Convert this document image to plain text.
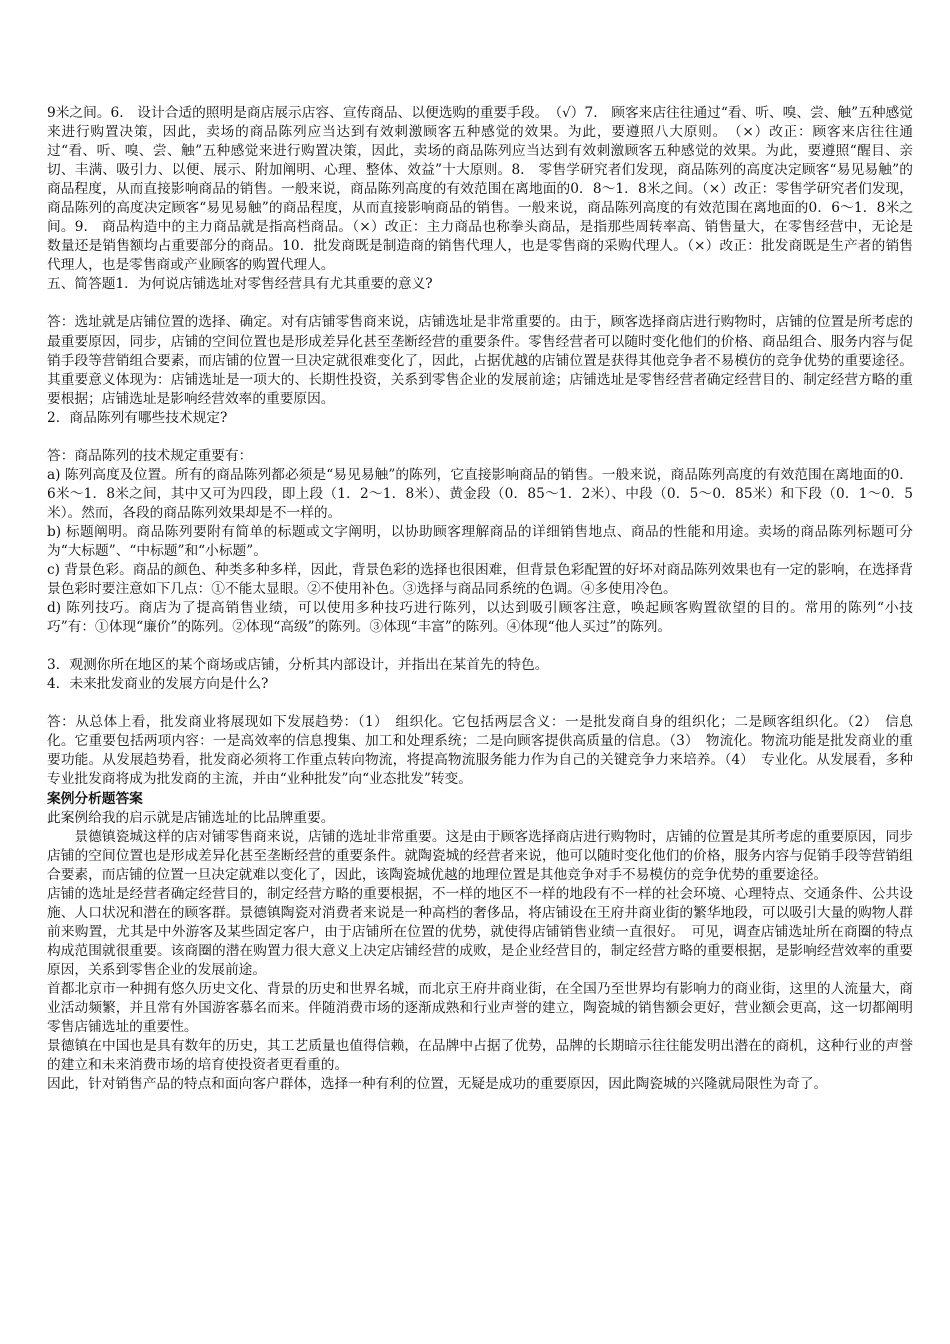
9米之间。6.　设计合适的照明是商店展示店容、宣传商品、以便选购的重要手段。　（√）7.　顾客来店往往通过“看、听、嗅、尝、触”五种感觉来进行购置决策，因此，卖场的商品陈列应当达到有效刺激顾客五种感觉的效果。为此，要遵照八大原则。　（×）改正：顾客来店往往通过“看、听、嗅、尝、触”五种感觉来进行购置决策，因此，卖场的商品陈列应当达到有效刺激顾客五种感觉的效果。为此，要遵照“醒目、亲切、丰满、吸引力、以便、展示、附加阐明、心理、整体、效益”十大原则。8.　零售学研究者们发现，商品陈列的高度决定顾客“易见易触”的商品程度，从而直接影响商品的销售。一般来说，商品陈列高度的有效范围在离地面的0．8～1．8米之间。（×）改正：零售学研究者们发现，商品陈列的高度决定顾客“易见易触”的商品程度，从而直接影响商品的销售。一般来说，商品陈列高度的有效范围在离地面的0．6～1．8米之间。9.　商品构造中的主力商品就是指高档商品。（×）改正：主力商品也称拳头商品，是指那些周转率高、销售量大，在零售经营中，无论是数量还是销售额均占重要部分的商品。10．批发商既是制造商的销售代理人，也是零售商的采购代理人。（×）改正：批发商既是生产者的销售代理人，也是零售商或产业顾客的购置代理人。

五、简答题1．为何说店铺选址对零售经营具有尤其重要的意义?

答：选址就是店铺位置的选择、确定。对有店铺零售商来说，店铺选址是非常重要的。由于，顾客选择商店进行购物时，店铺的位置是所考虑的最重要原因，同步，店铺的空间位置也是形成差异化甚至垄断经营的重要条件。零售经营者可以随时变化他们的价格、商品组合、服务内容与促销手段等营销组合要素，而店铺的位置一旦决定就很难变化了，因此，占据优越的店铺位置是获得其他竞争者不易模仿的竞争优势的重要途径。其重要意义体现为：店铺选址是一项大的、长期性投资，关系到零售企业的发展前途；店铺选址是零售经营者确定经营目的、制定经营方略的重要根据；店铺选址是影响经营效率的重要原因。

2．商品陈列有哪些技术规定?

答：商品陈列的技术规定重要有：

a) 陈列高度及位置。所有的商品陈列都必须是“易见易触”的陈列，它直接影响商品的销售。一般来说，商品陈列高度的有效范围在离地面的0．6米～1．8米之间，其中又可为四段，即上段（1．2～1．8米）、黄金段（0．85～1．2米）、中段（0．5～0．85米）和下段（0．1～0．5米）。然而，各段的商品陈列效果却是不一样的。

b) 标题阐明。商品陈列要附有简单的标题或文字阐明，以协助顾客理解商品的详细销售地点、商品的性能和用途。卖场的商品陈列标题可分为“大标题”、“中标题”和“小标题”。

c) 背景色彩。商品的颜色、种类多种多样，因此，背景色彩的选择也很困难，但背景色彩配置的好坏对商品陈列效果也有一定的影响，在选择背景色彩时要注意如下几点：①不能太显眼。②不使用补色。③选择与商品同系统的色调。④多使用冷色。

d) 陈列技巧。商店为了提高销售业绩，可以使用多种技巧进行陈列，以达到吸引顾客注意，唤起顾客购置欲望的目的。常用的陈列“小技巧”有：①体现“廉价”的陈列。②体现“高级”的陈列。③体现“丰富”的陈列。④体现“他人买过”的陈列。

3．观测你所在地区的某个商场或店铺，分析其内部设计，并指出在某首先的特色。

4．未来批发商业的发展方向是什么?

答：从总体上看，批发商业将展现如下发展趋势：（1）　组织化。它包括两层含义：一是批发商自身的组织化；二是顾客组织化。（2）　信息化。它重要包括两项内容：一是高效率的信息搜集、加工和处理系统；二是向顾客提供高质量的信息。（3）　物流化。物流功能是批发商业的重要功能。从发展趋势看，批发商必须将工作重点转向物流，将提高物流服务能力作为自己的关键竞争力来培养。（4）　专业化。从发展看，多种专业批发商将成为批发商的主流，并由“业种批发”向“业态批发”转变。

案例分析题答案

此案例给我的启示就是店铺选址的比品牌重要。

景德镇瓷城这样的店对铺零售商来说，店铺的选址非常重要。这是由于顾客选择商店进行购物时，店铺的位置是其所考虑的重要原因，同步店铺的空间位置也是形成差异化甚至垄断经营的重要条件。就陶瓷城的经营者来说，他可以随时变化他们的价格，服务内容与促销手段等营销组合要素，而店铺的位置一旦决定就难以变化了，因此，该陶瓷城优越的地理位置是其他竞争对手不易模仿的竞争优势的重要途径。

店铺的选址是经营者确定经营目的，制定经营方略的重要根据，不一样的地区不一样的地段有不一样的社会环境、心理特点、交通条件、公共设施、人口状况和潜在的顾客群。景德镇陶瓷对消费者来说是一种高档的奢侈品，将店铺设在王府井商业街的繁华地段，可以吸引大量的购物人群前来购置，尤其是中外游客及某些固定客户，由于店铺所在位置的优势，就使得店铺销售业绩一直很好。　可见，调查店铺选址所在商圈的特点构成范围就很重要。该商圈的潜在购置力很大意义上决定店铺经营的成败，是企业经营目的，制定经营方略的重要根据，是影响经营效率的重要原因，关系到零售企业的发展前途。

首都北京市一种拥有悠久历史文化、背景的历史和世界名城，而北京王府井商业街，在全国乃至世界均有影响力的商业街，这里的人流量大，商业活动频繁，并且常有外国游客慕名而来。伴随消费市场的逐渐成熟和行业声誉的建立，陶瓷城的销售额会更好，营业额会更高，这一切都阐明零售店铺选址的重要性。

景德镇在中国也是具有数年的历史，其工艺质量也值得信赖，在品牌中占据了优势，品牌的长期暗示往往能发明出潜在的商机，这种行业的声誉的建立和未来消费市场的培育使投资者更看重的。

因此，针对销售产品的特点和面向客户群体，选择一种有利的位置，无疑是成功的重要原因，因此陶瓷城的兴隆就局限性为奇了。
